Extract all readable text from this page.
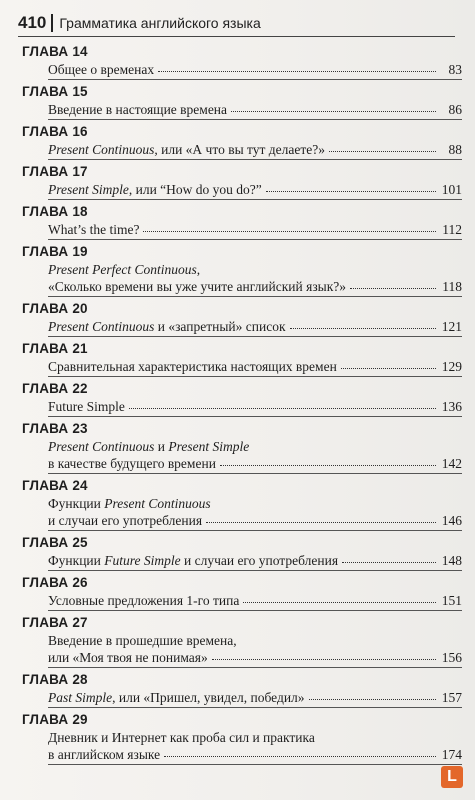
410 Грамматика английского языка
ГЛАВА 14
Общее о временах	83
ГЛАВА 15
Введение в настоящие времена	86
ГЛАВА 16
Present Continuous, или «А что вы тут делаете?»	88
ГЛАВА 17
Present Simple, или “How do you do?”	101
ГЛАВА 18
What’s the time?	112
ГЛАВА 19
Present Perfect Continuous,
«Сколько времени вы уже учите английский язык?»	118
ГЛАВА 20
Present Continuous и «запретный» список	121
ГЛАВА 21
Сравнительная характеристика настоящих времен	129
ГЛАВА 22
Future Simple	136
ГЛАВА 23
Present Continuous и Present Simple
в качестве будущего времени	142
ГЛАВА 24
Функции Present Continuous
и случаи его употребления	146
ГЛАВА 25
Функции Future Simple и случаи его употребления	148
ГЛАВА 26
Условные предложения 1-го типа	151
ГЛАВА 27
Введение в прошедшие времена,
или «Моя твоя не понимая»	156
ГЛАВА 28
Past Simple, или «Пришел, увидел, победил»	157
ГЛАВА 29
Дневник и Интернет как проба сил и практика
в английском языке	174
L
